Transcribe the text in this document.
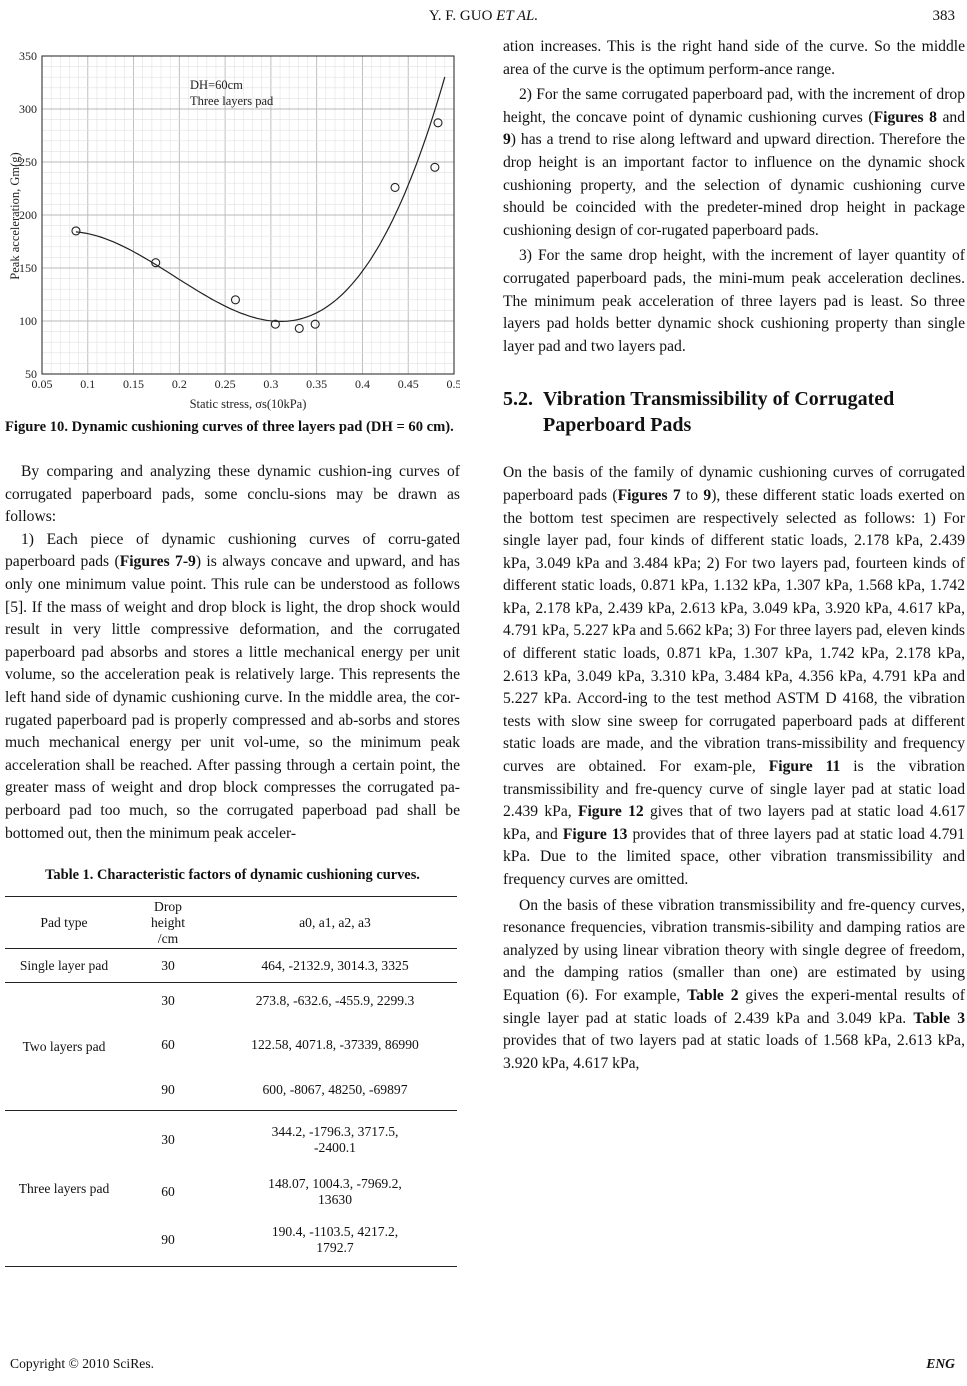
Y. F. GUO ET AL.	383
0.05 0.1 0.15 0.2 0.25 0.3 0.35 0.4 0.45 0.5
50
100
150
200
250
300
350
DH=60cm
Three layers pad
Static stress, σs(10kPa)
Peak acceleration, Gm(g)
Figure 10. Dynamic cushioning curves of three layers pad (DH = 60 cm).
By comparing and analyzing these dynamic cushion-ing curves of corrugated paperboard pads, some conclu-sions may be drawn as follows:
1) Each piece of dynamic cushioning curves of corru-gated paperboard pads (Figures 7-9) is always concave and upward, and has only one minimum value point. This rule can be understood as follows [5]. If the mass of weight and drop block is light, the drop shock would result in very little compressive deformation, and the corrugated paperboard pad absorbs and stores a little mechanical energy per unit volume, so the acceleration peak is relatively large. This represents the left hand side of dynamic cushioning curve. In the middle area, the cor-rugated paperboard pad is properly compressed and ab-sorbs and stores much mechanical energy per unit vol-ume, so the minimum peak acceleration shall be reached. After passing through a certain point, the greater mass of weight and drop block compresses the corrugated pa-perboard pad too much, so the corrugated paperboad pad shall be bottomed out, then the minimum peak acceler-
Table 1. Characteristic factors of dynamic cushioning curves.
Pad type	Drop height /cm	a0, a1, a2, a3
Single layer pad	30	464, -2132.9, 3014.3, 3325
Two layers pad	30	273.8, -632.6, -455.9, 2299.3
	60	122.58, 4071.8, -37339, 86990
	90	600, -8067, 48250, -69897
Three layers pad	30	344.2, -1796.3, 3717.5, -2400.1
	60	148.07, 1004.3, -7969.2, 13630
	90	190.4, -1103.5, 4217.2, 1792.7
ation increases. This is the right hand side of the curve. So the middle area of the curve is the optimum perform-ance range.
2) For the same corrugated paperboard pad, with the increment of drop height, the concave point of dynamic cushioning curves (Figures 8 and 9) has a trend to rise along leftward and upward direction. Therefore the drop height is an important factor to influence on the dynamic shock cushioning property, and the selection of dynamic cushioning curve should be coincided with the predeter-mined drop height in package cushioning design of cor-rugated paperboard pads.
3) For the same drop height, with the increment of layer quantity of corrugated paperboard pads, the mini-mum peak acceleration declines. The minimum peak acceleration of three layers pad is least. So three layers pad holds better dynamic shock cushioning property than single layer pad and two layers pad.
5.2. Vibration Transmissibility of Corrugated
Paperboard Pads
On the basis of the family of dynamic cushioning curves of corrugated paperboard pads (Figures 7 to 9), these different static loads exerted on the bottom test specimen are respectively selected as follows: 1) For single layer pad, four kinds of different static loads, 2.178 kPa, 2.439 kPa, 3.049 kPa and 3.484 kPa; 2) For two layers pad, fourteen kinds of different static loads, 0.871 kPa, 1.132 kPa, 1.307 kPa, 1.568 kPa, 1.742 kPa, 2.178 kPa, 2.439 kPa, 2.613 kPa, 3.049 kPa, 3.920 kPa, 4.617 kPa, 4.791 kPa, 5.227 kPa and 5.662 kPa; 3) For three layers pad, eleven kinds of different static loads, 0.871 kPa, 1.307 kPa, 1.742 kPa, 2.178 kPa, 2.613 kPa, 3.049 kPa, 3.310 kPa, 3.484 kPa, 4.356 kPa, 4.791 kPa and 5.227 kPa. Accord-ing to the test method ASTM D 4168, the vibration tests with slow sine sweep for corrugated paperboard pads at different static loads are made, and the vibration trans-missibility and frequency curves are obtained. For exam-ple, Figure 11 is the vibration transmissibility and fre-quency curve of single layer pad at static load 2.439 kPa, Figure 12 gives that of two layers pad at static load 4.617 kPa, and Figure 13 provides that of three layers pad at static load 4.791 kPa. Due to the limited space, other vibration transmissibility and frequency curves are omitted.
On the basis of these vibration transmissibility and fre-quency curves, resonance frequencies, vibration transmis-sibility and damping ratios are analyzed by using linear vibration theory with single degree of freedom, and the damping ratios (smaller than one) are estimated by using Equation (6). For example, Table 2 gives the experi-mental results of single layer pad at static loads of 2.439 kPa and 3.049 kPa. Table 3 provides that of two layers pad at static loads of 1.568 kPa, 2.613 kPa, 3.920 kPa, 4.617 kPa,
Copyright © 2010 SciRes.	ENG
